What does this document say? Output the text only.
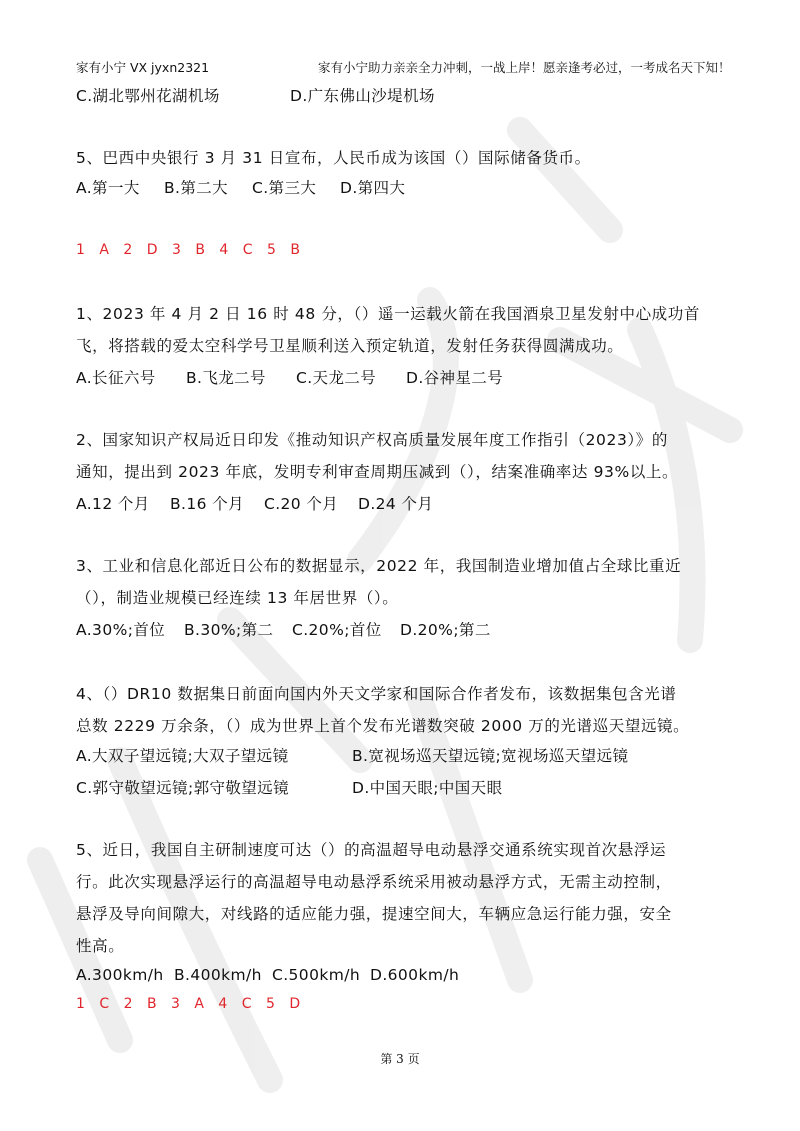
家有小宁 VX jyxn2321	家有小宁助力亲亲全力冲刺，一战上岸！愿亲逢考必过，一考成名天下知！
C.湖北鄂州花湖机场	D.广东佛山沙堤机场
5、巴西中央银行 3 月 31 日宣布，人民币成为该国（）国际储备货币。
A.第一大 B.第二大 C.第三大 D.第四大
1 A 2 D 3 B 4 C 5 B
1、2023 年 4 月 2 日 16 时 48 分，（）遥一运载火箭在我国酒泉卫星发射中心成功首
飞，将搭载的爱太空科学号卫星顺利送入预定轨道，发射任务获得圆满成功。
A.长征六号 B.飞龙二号 C.天龙二号 D.谷神星二号
2、国家知识产权局近日印发《推动知识产权高质量发展年度工作指引（2023）》的
通知，提出到 2023 年底，发明专利审查周期压减到（），结案准确率达 93%以上。
A.12 个月 B.16 个月 C.20 个月 D.24 个月
3、工业和信息化部近日公布的数据显示，2022 年，我国制造业增加值占全球比重近
（），制造业规模已经连续 13 年居世界（）。
A.30%;首位 B.30%;第二 C.20%;首位 D.20%;第二
4、（）DR10 数据集日前面向国内外天文学家和国际合作者发布，该数据集包含光谱
总数 2229 万余条，（）成为世界上首个发布光谱数突破 2000 万的光谱巡天望远镜。
A.大双子望远镜;大双子望远镜	B.宽视场巡天望远镜;宽视场巡天望远镜
C.郭守敬望远镜;郭守敬望远镜	D.中国天眼;中国天眼
5、近日，我国自主研制速度可达（）的高温超导电动悬浮交通系统实现首次悬浮运
行。此次实现悬浮运行的高温超导电动悬浮系统采用被动悬浮方式，无需主动控制，
悬浮及导向间隙大，对线路的适应能力强，提速空间大，车辆应急运行能力强，安全
性高。
A.300km/h B.400km/h C.500km/h D.600km/h
1 C 2 B 3 A 4 C 5 D
第 3 页
